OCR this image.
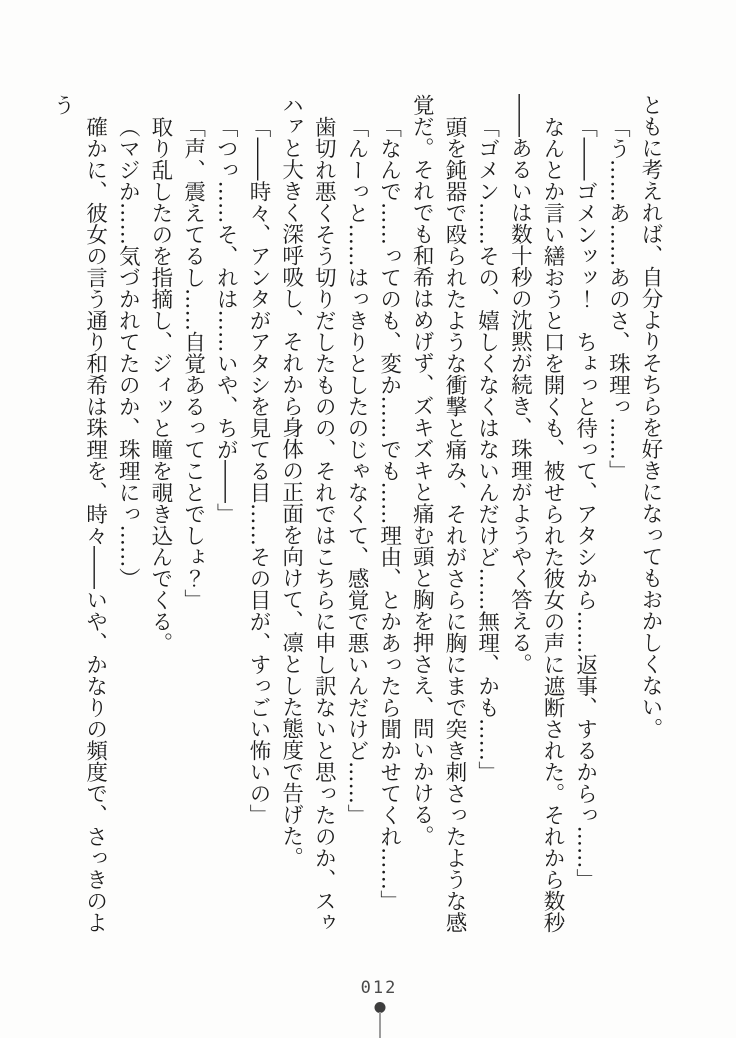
ともに考えれば、自分よりそちらを好きになってもおかしくない。

「う……あ……あのさ、珠理っ……」

「――ゴメンッッ！　ちょっと待って、アタシから……返事、するからっ……」

なんとか言い繕おうと口を開くも、被せられた彼女の声に遮断された。それから数秒――あるいは数十秒の沈黙が続き、珠理がようやく答える。

「ゴメン……その、嬉しくなくはないんだけど……無理、かも……」

頭を鈍器で殴られたような衝撃と痛み、それがさらに胸にまで突き刺さったような感覚だ。それでも和希はめげず、ズキズキと痛む頭と胸を押さえ、問いかける。

「なんで……ってのも、変か……でも……理由、とかあったら聞かせてくれ……」

「んーっと……はっきりとしたのじゃなくて、感覚で悪いんだけど……」

歯切れ悪くそう切りだしたものの、それではこちらに申し訳ないと思ったのか、スゥハァと大きく深呼吸し、それから身体の正面を向けて、凛とした態度で告げた。

「――時々、アンタがアタシを見てる目……その目が、すっごい怖いの」

「つっ……そ、れは……いや、ちが――」

「声、震えてるし……自覚あるってことでしょ？」

取り乱したのを指摘し、ジィッと瞳を覗き込んでくる。

（マジか……気づかれてたのか、珠理にっ……）

確かに、彼女の言う通り和希は珠理を、時々――いや、かなりの頻度で、さっきのよう

012
